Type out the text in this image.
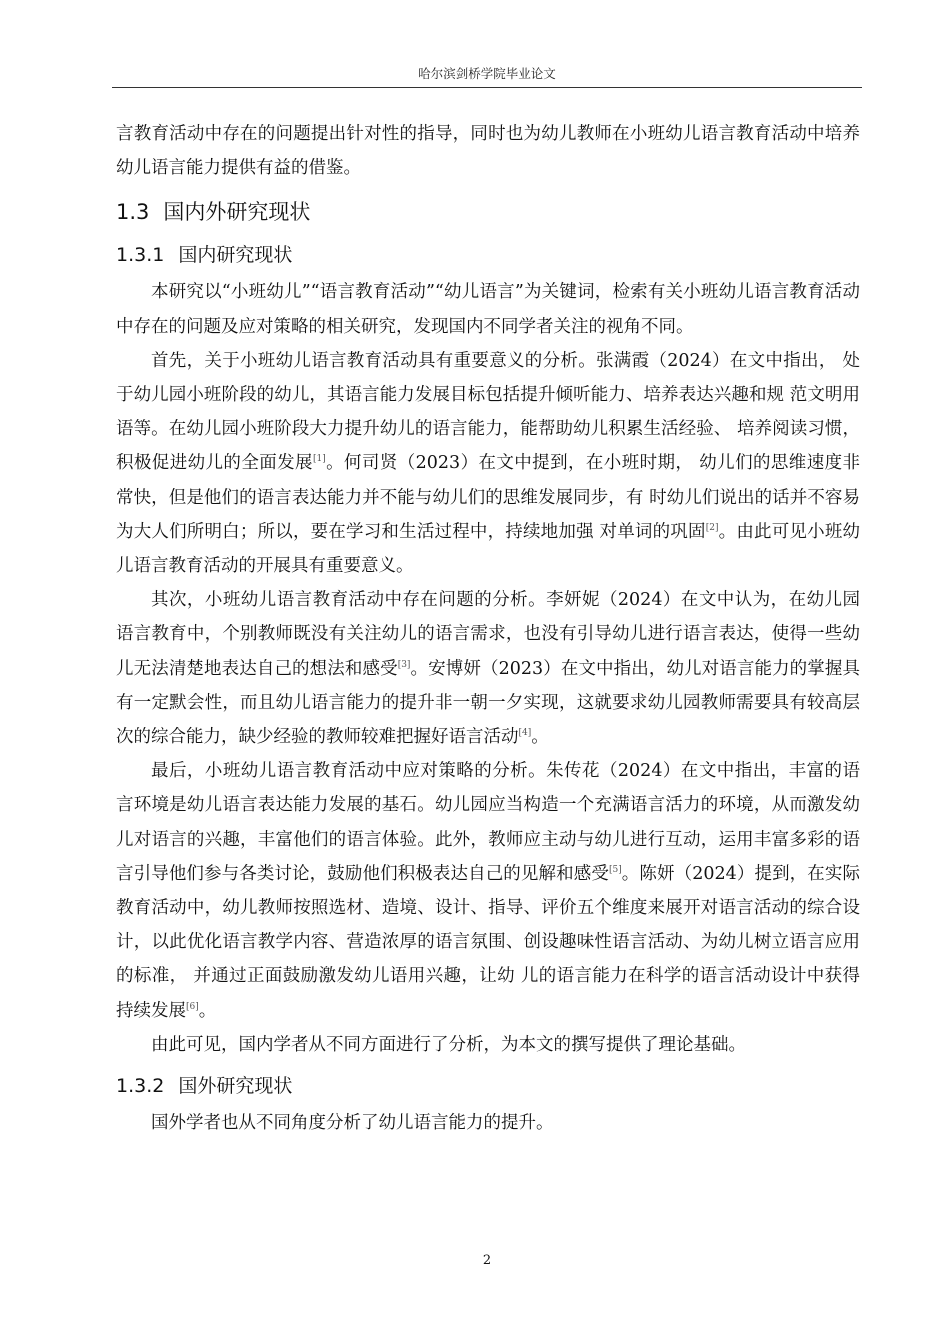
哈尔滨剑桥学院毕业论文

言教育活动中存在的问题提出针对性的指导，同时也为幼儿教师在小班幼儿语言教育活动中培养幼儿语言能力提供有益的借鉴。

1.3 国内外研究现状
1.3.1 国内研究现状

本研究以“小班幼儿”“语言教育活动”“幼儿语言”为关键词，检索有关小班幼儿语言教育活动中存在的问题及应对策略的相关研究，发现国内不同学者关注的视角不同。

首先，关于小班幼儿语言教育活动具有重要意义的分析。张满霞（2024）在文中指出， 处于幼儿园小班阶段的幼儿，其语言能力发展目标包括提升倾听能力、培养表达兴趣和规 范文明用语等。在幼儿园小班阶段大力提升幼儿的语言能力，能帮助幼儿积累生活经验、 培养阅读习惯，积极促进幼儿的全面发展[1]。何司贤（2023）在文中提到，在小班时期， 幼儿们的思维速度非常快，但是他们的语言表达能力并不能与幼儿们的思维发展同步，有 时幼儿们说出的话并不容易为大人们所明白；所以，要在学习和生活过程中，持续地加强 对单词的巩固[2]。由此可见小班幼儿语言教育活动的开展具有重要意义。

其次，小班幼儿语言教育活动中存在问题的分析。李妍妮（2024）在文中认为，在幼儿园语言教育中，个别教师既没有关注幼儿的语言需求，也没有引导幼儿进行语言表达，使得一些幼儿无法清楚地表达自己的想法和感受[3]。安博妍（2023）在文中指出，幼儿对语言能力的掌握具有一定默会性，而且幼儿语言能力的提升非一朝一夕实现，这就要求幼儿园教师需要具有较高层次的综合能力，缺少经验的教师较难把握好语言活动[4]。

最后，小班幼儿语言教育活动中应对策略的分析。朱传花（2024）在文中指出，丰富的语言环境是幼儿语言表达能力发展的基石。幼儿园应当构造一个充满语言活力的环境，从而激发幼儿对语言的兴趣，丰富他们的语言体验。此外，教师应主动与幼儿进行互动，运用丰富多彩的语言引导他们参与各类讨论，鼓励他们积极表达自己的见解和感受[5]。陈妍（2024）提到，在实际教育活动中，幼儿教师按照选材、造境、设计、指导、评价五个维度来展开对语言活动的综合设计，以此优化语言教学内容、营造浓厚的语言氛围、创设趣味性语言活动、为幼儿树立语言应用的标准， 并通过正面鼓励激发幼儿语用兴趣，让幼 儿的语言能力在科学的语言活动设计中获得持续发展[6]。

由此可见，国内学者从不同方面进行了分析，为本文的撰写提供了理论基础。

1.3.2 国外研究现状

国外学者也从不同角度分析了幼儿语言能力的提升。

2
